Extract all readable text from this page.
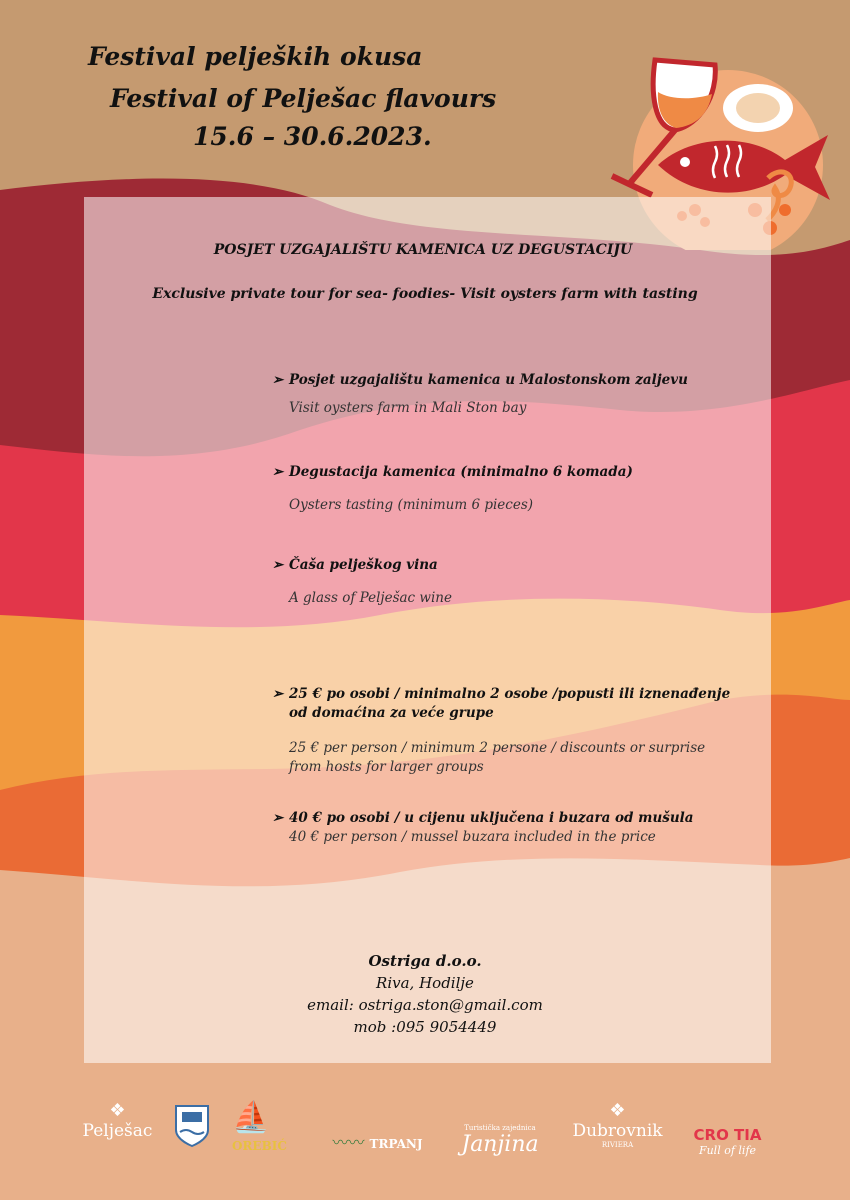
Festival peljeških okusa
Festival of Pelješac flavours
15.6 – 30.6.2023.
POSJET UZGAJALIŠTU KAMENICA UZ DEGUSTACIJU
Exclusive private tour for sea- foodies- Visit oysters farm with tasting
➢ Posjet uzgajalištu kamenica u Malostonskom zaljevu
Visit oysters farm in Mali Ston bay
➢ Degustacija kamenica (minimalno 6 komada)
Oysters tasting (minimum 6 pieces)
➢ Čaša pelješkog vina
A glass of Pelješac wine
➢ 25 € po osobi / minimalno 2 osobe /popusti ili iznenađenje
od domaćina za veće grupe
25 € per person / minimum 2 persone / discounts or surprise
from hosts for larger groups
➢ 40 € po osobi / u cijenu uključena i buzara od mušula
40 € per person / mussel buzara included in the price
Ostriga d.o.o.
Riva, Hodilje
email: ostriga.ston@gmail.com
mob :095 9054449
❖
Pelješac	⛵ OREBIĆ	〰〰 TRPANJ
Turistička zajednica
Janjina
❖
Dubrovnik
RIVIERA
CRO TIA
Full of life
